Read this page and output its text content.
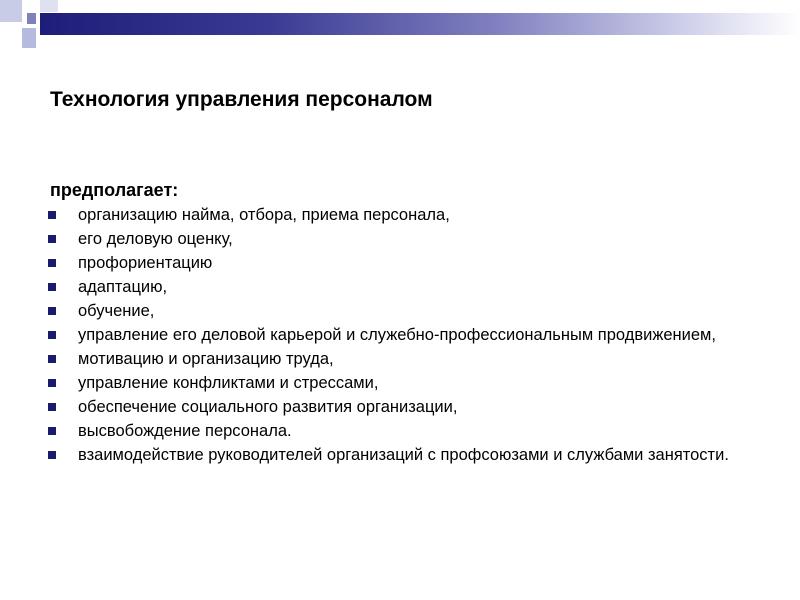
Технология управления персоналом
предполагает:
организацию найма, отбора, приема персонала,
его деловую оценку,
профориентацию
адаптацию,
обучение,
управление его деловой карьерой и служебно-профессиональным продвижением,
мотивацию и организацию труда,
управление конфликтами и стрессами,
обеспечение социального развития организации,
высвобождение персонала.
взаимодействие руководителей организаций с профсоюзами и службами занятости.
